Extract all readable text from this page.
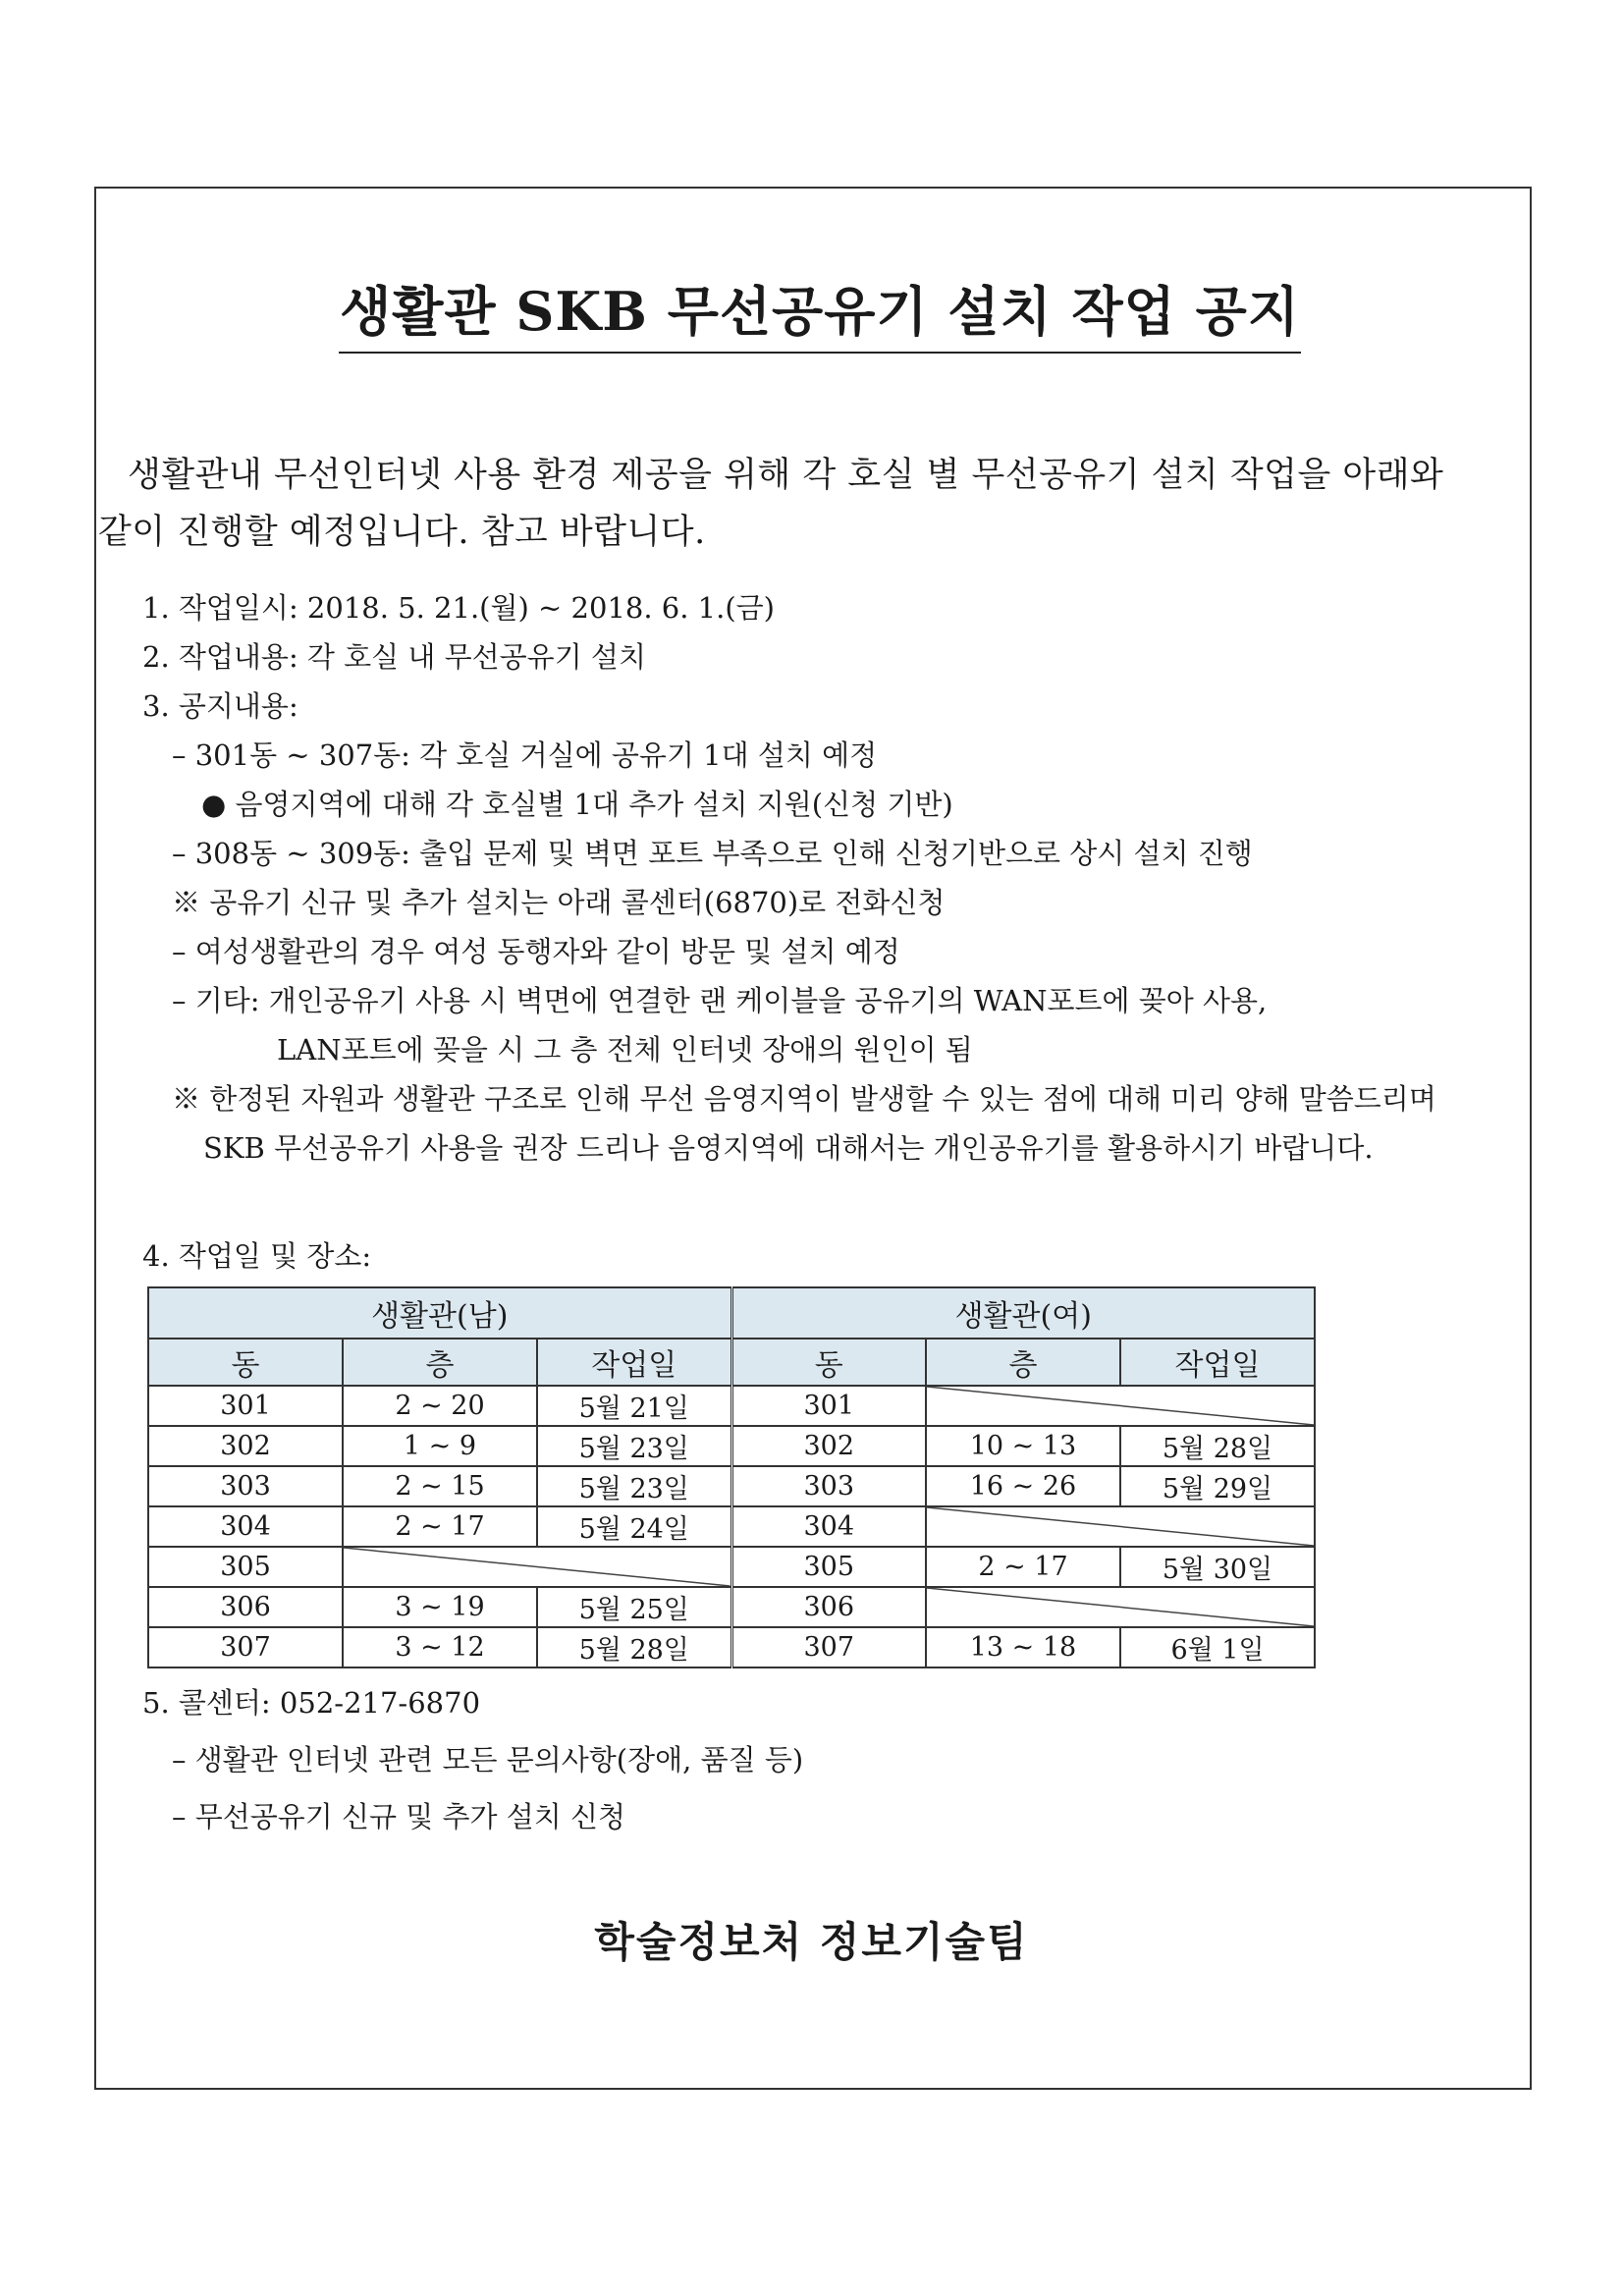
생활관 SKB 무선공유기 설치 작업 공지

생활관내 무선인터넷 사용 환경 제공을 위해 각 호실 별 무선공유기 설치 작업을 아래와

같이 진행할 예정입니다. 참고 바랍니다.

1. 작업일시: 2018. 5. 21.(월) ~ 2018. 6. 1.(금)
2. 작업내용: 각 호실 내 무선공유기 설치
3. 공지내용:
– 301동 ~ 307동: 각 호실 거실에 공유기 1대 설치 예정
● 음영지역에 대해 각 호실별 1대 추가 설치 지원(신청 기반)
– 308동 ~ 309동: 출입 문제 및 벽면 포트 부족으로 인해 신청기반으로 상시 설치 진행
※ 공유기 신규 및 추가 설치는 아래 콜센터(6870)로 전화신청
– 여성생활관의 경우 여성 동행자와 같이 방문 및 설치 예정
– 기타: 개인공유기 사용 시 벽면에 연결한 랜 케이블을 공유기의 WAN포트에 꽂아 사용,
LAN포트에 꽂을 시 그 층 전체 인터넷 장애의 원인이 됨
※ 한정된 자원과 생활관 구조로 인해 무선 음영지역이 발생할 수 있는 점에 대해 미리 양해 말씀드리며
SKB 무선공유기 사용을 권장 드리나 음영지역에 대해서는 개인공유기를 활용하시기 바랍니다.
4. 작업일 및 장소:
생활관(남)			생활관(여)		
동	층	작업일	동	층	작업일
301	2 ~ 20	5월 21일	301	

302	1 ~ 9	5월 23일	302	10 ~ 13	5월 28일
303	2 ~ 15	5월 23일	303	16 ~ 26	5월 29일
304	2 ~ 17	5월 24일	304	

305			305	2 ~ 17	5월 30일
306	3 ~ 19	5월 25일	306	

307	3 ~ 12	5월 28일	307	13 ~ 18	6월 1일
5. 콜센터: 052-217-6870
– 생활관 인터넷 관련 모든 문의사항(장애, 품질 등)
– 무선공유기 신규 및 추가 설치 신청
학술정보처 정보기술팀
